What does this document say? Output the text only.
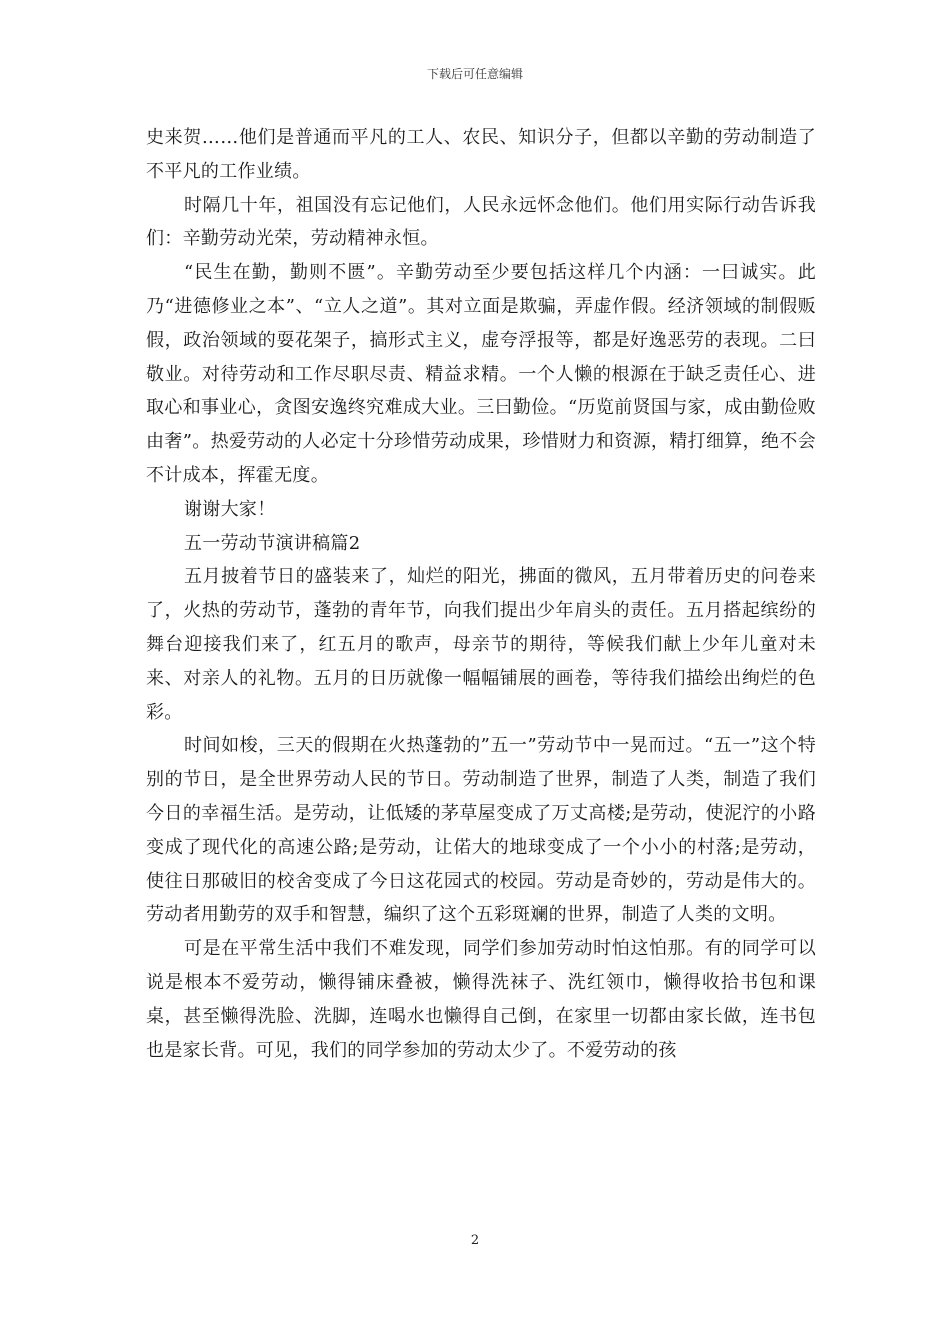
下载后可任意编辑

史来贺……他们是普通而平凡的工人、农民、知识分子，但都以辛勤的劳动制造了不平凡的工作业绩。

时隔几十年，祖国没有忘记他们，人民永远怀念他们。他们用实际行动告诉我们：辛勤劳动光荣，劳动精神永恒。

“民生在勤，勤则不匮”。辛勤劳动至少要包括这样几个内涵：一曰诚实。此乃“进德修业之本”、“立人之道”。其对立面是欺骗，弄虚作假。经济领域的制假贩假，政治领域的耍花架子，搞形式主义，虚夸浮报等，都是好逸恶劳的表现。二曰敬业。对待劳动和工作尽职尽责、精益求精。一个人懒的根源在于缺乏责任心、进取心和事业心，贪图安逸终究难成大业。三曰勤俭。“历览前贤国与家，成由勤俭败由奢”。热爱劳动的人必定十分珍惜劳动成果，珍惜财力和资源，精打细算，绝不会不计成本，挥霍无度。

谢谢大家！

五一劳动节演讲稿篇2

五月披着节日的盛装来了，灿烂的阳光，拂面的微风，五月带着历史的问卷来了，火热的劳动节，蓬勃的青年节，向我们提出少年肩头的责任。五月搭起缤纷的舞台迎接我们来了，红五月的歌声，母亲节的期待，等候我们献上少年儿童对未来、对亲人的礼物。五月的日历就像一幅幅铺展的画卷，等待我们描绘出绚烂的色彩。

时间如梭，三天的假期在火热蓬勃的”五一”劳动节中一晃而过。“五一”这个特别的节日，是全世界劳动人民的节日。劳动制造了世界，制造了人类，制造了我们今日的幸福生活。是劳动，让低矮的茅草屋变成了万丈高楼;是劳动，使泥泞的小路变成了现代化的高速公路;是劳动，让偌大的地球变成了一个小小的村落;是劳动，使往日那破旧的校舍变成了今日这花园式的校园。劳动是奇妙的，劳动是伟大的。劳动者用勤劳的双手和智慧，编织了这个五彩斑斓的世界，制造了人类的文明。

可是在平常生活中我们不难发现，同学们参加劳动时怕这怕那。有的同学可以说是根本不爱劳动，懒得铺床叠被，懒得洗袜子、洗红领巾，懒得收拾书包和课桌，甚至懒得洗脸、洗脚，连喝水也懒得自己倒，在家里一切都由家长做，连书包也是家长背。可见，我们的同学参加的劳动太少了。不爱劳动的孩

2
